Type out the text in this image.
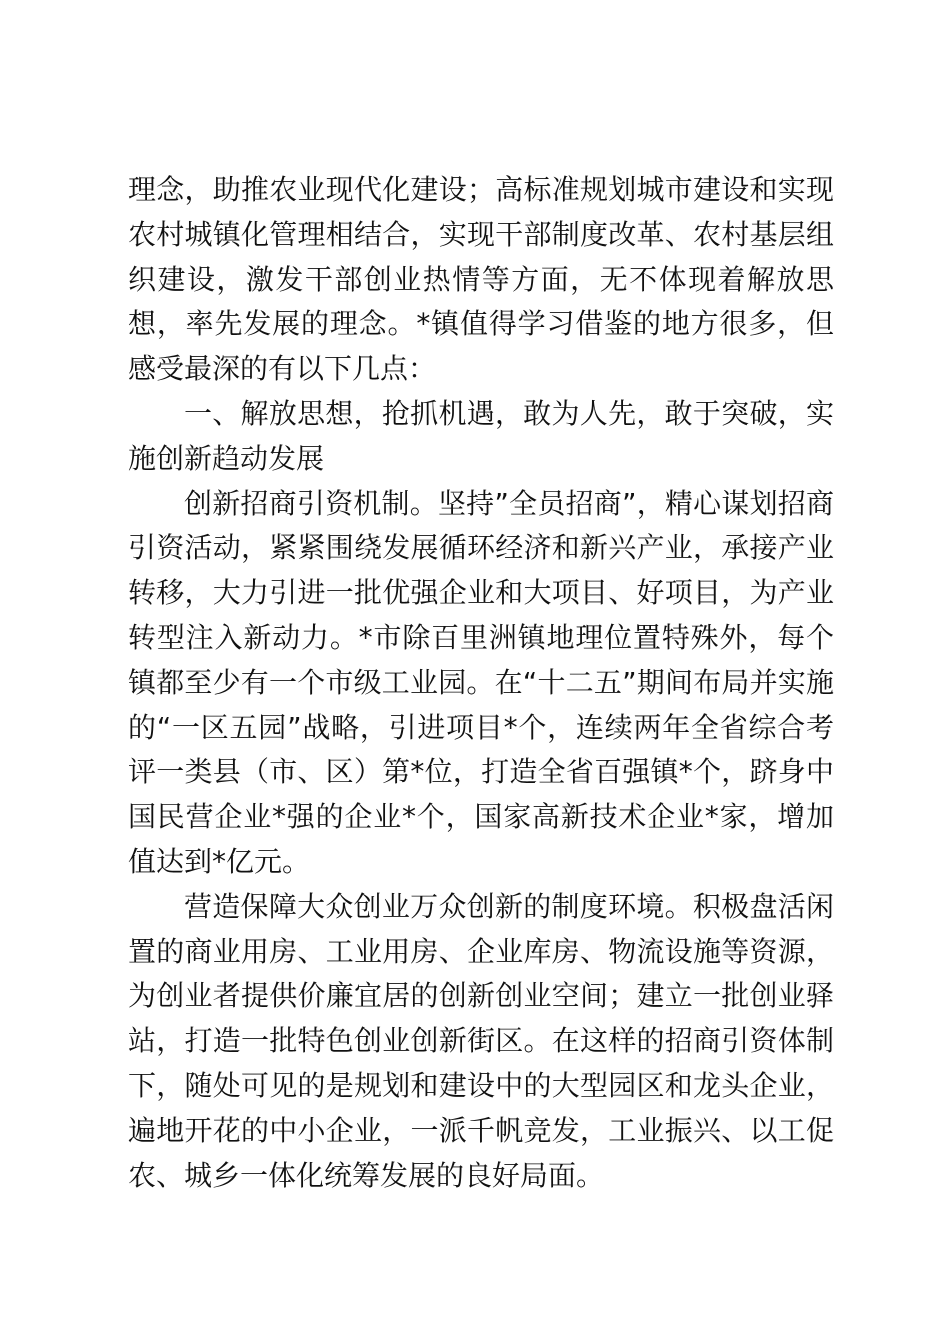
理念，助推农业现代化建设；高标准规划城市建设和实现农村城镇化管理相结合，实现干部制度改革、农村基层组织建设，激发干部创业热情等方面，无不体现着解放思想，率先发展的理念。*镇值得学习借鉴的地方很多，但感受最深的有以下几点：

一、解放思想，抢抓机遇，敢为人先，敢于突破，实施创新趋动发展

创新招商引资机制。坚持”全员招商”，精心谋划招商引资活动，紧紧围绕发展循环经济和新兴产业，承接产业转移，大力引进一批优强企业和大项目、好项目，为产业转型注入新动力。*市除百里洲镇地理位置特殊外，每个镇都至少有一个市级工业园。在“十二五”期间布局并实施的“一区五园”战略，引进项目*个，连续两年全省综合考评一类县（市、区）第*位，打造全省百强镇*个，跻身中国民营企业*强的企业*个，国家高新技术企业*家，增加值达到*亿元。

营造保障大众创业万众创新的制度环境。积极盘活闲置的商业用房、工业用房、企业库房、物流设施等资源，为创业者提供价廉宜居的创新创业空间；建立一批创业驿站，打造一批特色创业创新街区。在这样的招商引资体制下，随处可见的是规划和建设中的大型园区和龙头企业，遍地开花的中小企业，一派千帆竞发，工业振兴、以工促农、城乡一体化统筹发展的良好局面。
